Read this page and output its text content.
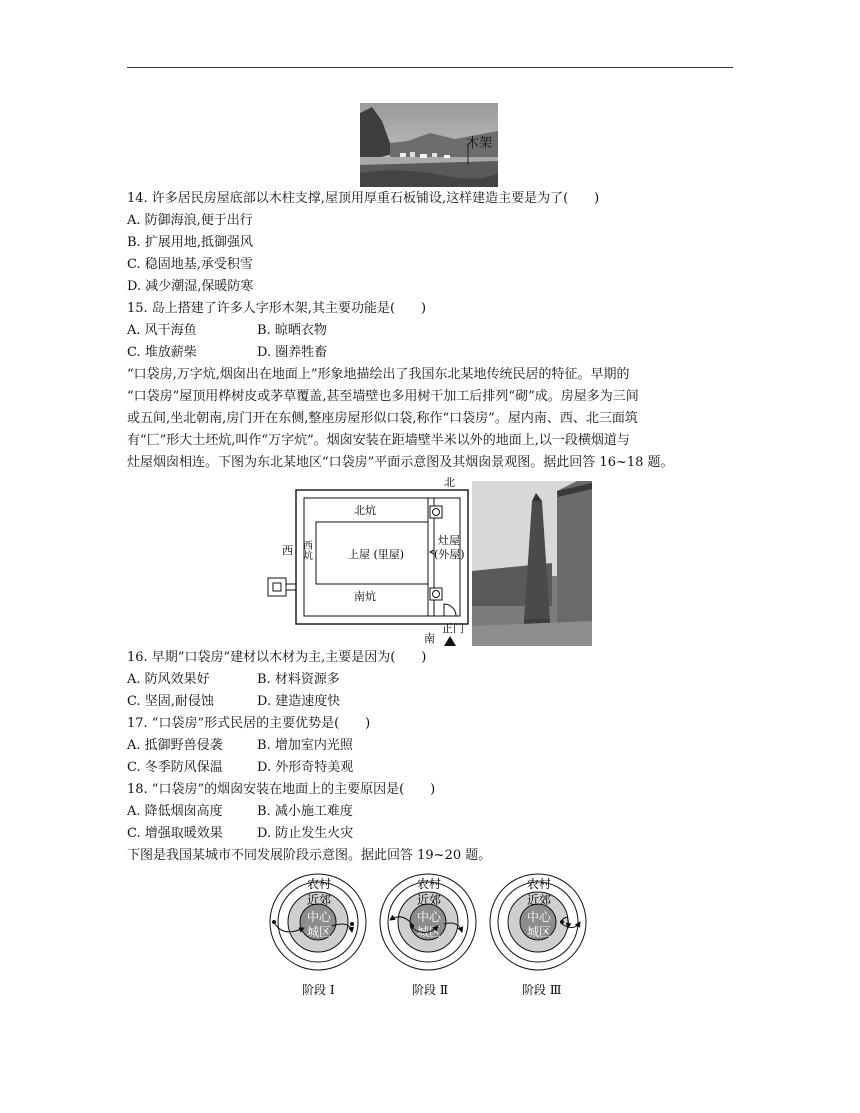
木架
14. 许多居民房屋底部以木柱支撑,屋顶用厚重石板铺设,这样建造主要是为了(　　)
A. 防御海浪,便于出行
B. 扩展用地,抵御强风
C. 稳固地基,承受积雪
D. 减少潮湿,保暖防寒
15. 岛上搭建了许多人字形木架,其主要功能是(　　)
A. 风干海鱼	B. 晾晒衣物
C. 堆放薪柴	D. 圈养牲畜
“口袋房,万字炕,烟囱出在地面上”形象地描绘出了我国东北某地传统民居的特征。早期的
“口袋房”屋顶用桦树皮或茅草覆盖,甚至墙壁也多用树干加工后排列“砌”成。房屋多为三间
或五间,坐北朝南,房门开在东侧,整座房屋形似口袋,称作“口袋房”。屋内南、西、北三面筑
有“匚”形大土坯炕,叫作“万字炕”。烟囱安装在距墙壁半米以外的地面上,以一段横烟道与
灶屋烟囱相连。下图为东北某地区“口袋房”平面示意图及其烟囱景观图。据此回答 16~18 题。
北
北炕
南炕
西炕	上屋 (里屋)
灶屋
(外屋)
正门
南
西
16. 早期“口袋房”建材以木材为主,主要是因为(　　)
A. 防风效果好	B. 材料资源多
C. 坚固,耐侵蚀	D. 建造速度快
17. “口袋房”形式民居的主要优势是(　　)
A. 抵御野兽侵袭	B. 增加室内光照
C. 冬季防风保温	D. 外形奇特美观
18. “口袋房”的烟囱安装在地面上的主要原因是(　　)
A. 降低烟囱高度	B. 减小施工难度
C. 增强取暖效果	D. 防止发生火灾
下图是我国某城市不同发展阶段示意图。据此回答 19~20 题。
农村
近郊
中心
城区
阶段 Ⅰ
农村
近郊
中心
城区
阶段 Ⅱ
农村
近郊
中心
城区
阶段 Ⅲ
